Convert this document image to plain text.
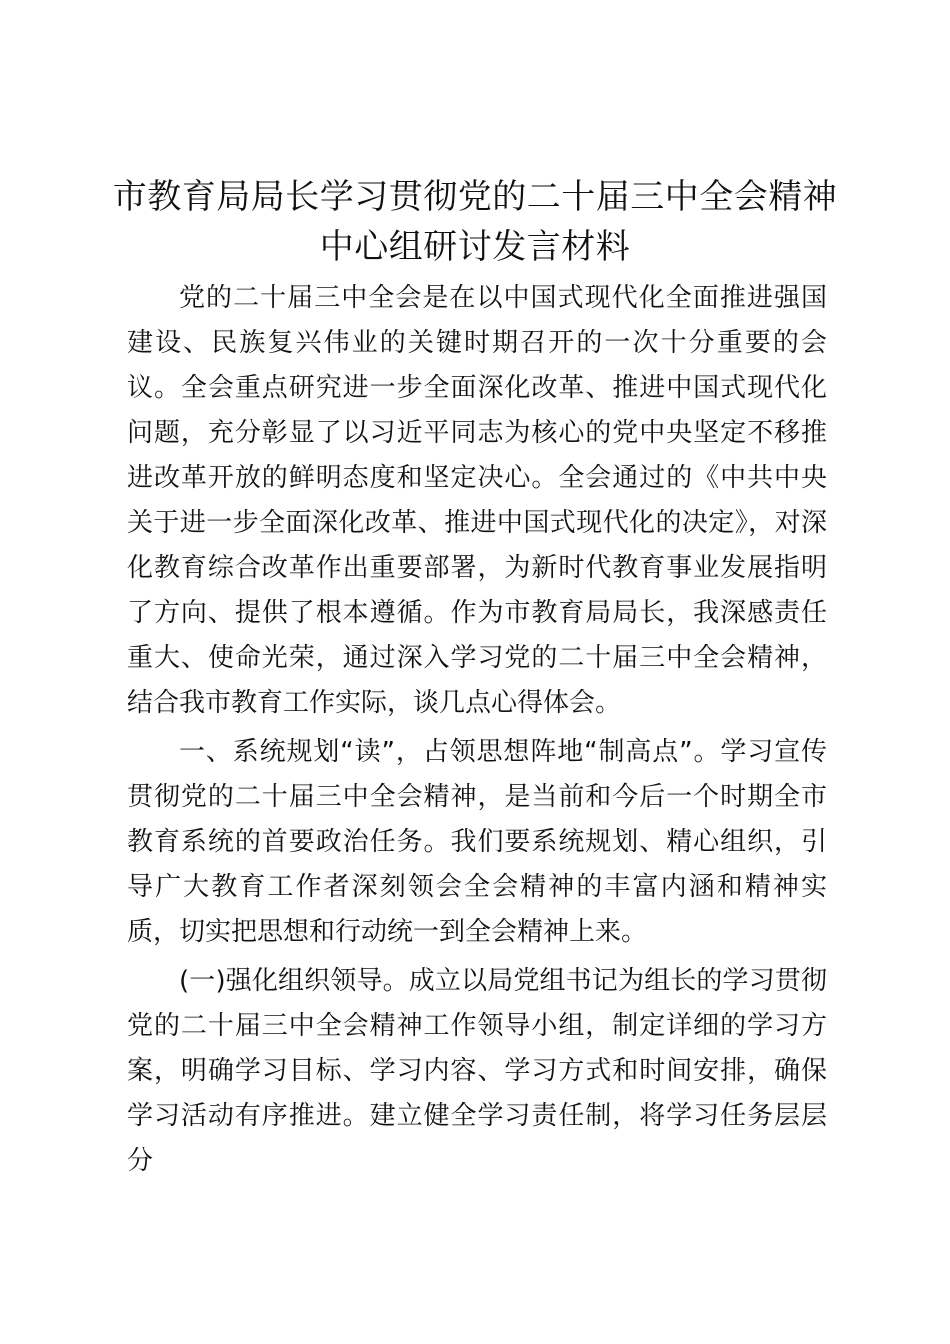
市教育局局长学习贯彻党的二十届三中全会精神中心组研讨发言材料

党的二十届三中全会是在以中国式现代化全面推进强国建设、民族复兴伟业的关键时期召开的一次十分重要的会议。全会重点研究进一步全面深化改革、推进中国式现代化问题，充分彰显了以习近平同志为核心的党中央坚定不移推进改革开放的鲜明态度和坚定决心。全会通过的《中共中央关于进一步全面深化改革、推进中国式现代化的决定》，对深化教育综合改革作出重要部署，为新时代教育事业发展指明了方向、提供了根本遵循。作为市教育局局长，我深感责任重大、使命光荣，通过深入学习党的二十届三中全会精神，结合我市教育工作实际，谈几点心得体会。

一、系统规划“读”，占领思想阵地“制高点”。学习宣传贯彻党的二十届三中全会精神，是当前和今后一个时期全市教育系统的首要政治任务。我们要系统规划、精心组织，引导广大教育工作者深刻领会全会精神的丰富内涵和精神实质，切实把思想和行动统一到全会精神上来。

(一)强化组织领导。成立以局党组书记为组长的学习贯彻党的二十届三中全会精神工作领导小组，制定详细的学习方案，明确学习目标、学习内容、学习方式和时间安排，确保学习活动有序推进。建立健全学习责任制，将学习任务层层分
